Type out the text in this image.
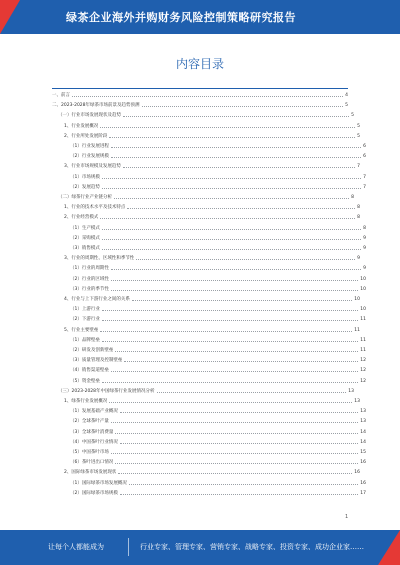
绿茶企业海外并购财务风险控制策略研究报告
内容目录
一、前言	4
二、2023-2028年绿茶市场前景及趋势预测	5
（一）行业市场发展现状及趋势	5
1、行业发展概况	5
2、行业所处发展阶段	5
（1）行业发展进程	6
（2）行业发展规模	6
3、行业市场规模及发展趋势	7
（1）市场规模	7
（2）发展趋势	7
（二）绿茶行业产业链分析	8
1、行业的技术水平及技术特点	8
2、行业经营模式	8
（1）生产模式	8
（2）采购模式	9
（3）销售模式	9
3、行业的周期性、区域性和季节性	9
（1）行业的周期性	9
（2）行业的区域性	10
（3）行业的季节性	10
4、行业与上下游行业之间的关系	10
（1）上游行业	10
（2）下游行业	11
5、行业主要壁垒	11
（1）品牌壁垒	11
（2）研发及创新壁垒	11
（3）质量管理及控制壁垒	12
（4）销售渠道壁垒	12
（5）资金壁垒	12
（三）2023-2028年中国绿茶行业发展情况分析	13
1、绿茶行业发展概况	13
（1）发展基础产业概况	13
（2）全球茶叶产量	13
（3）全球茶叶消费量	14
（4）中国茶叶行业情况	14
（5）中国茶叶市场	15
（6）茶叶进出口情况	16
2、国际绿茶市场发展现状	16
（1）国际绿茶市场发展概况	16
（2）国际绿茶市场规模	17
1
让每个人都能成为	行业专家、管理专家、营销专家、战略专家、投资专家、成功企业家……
